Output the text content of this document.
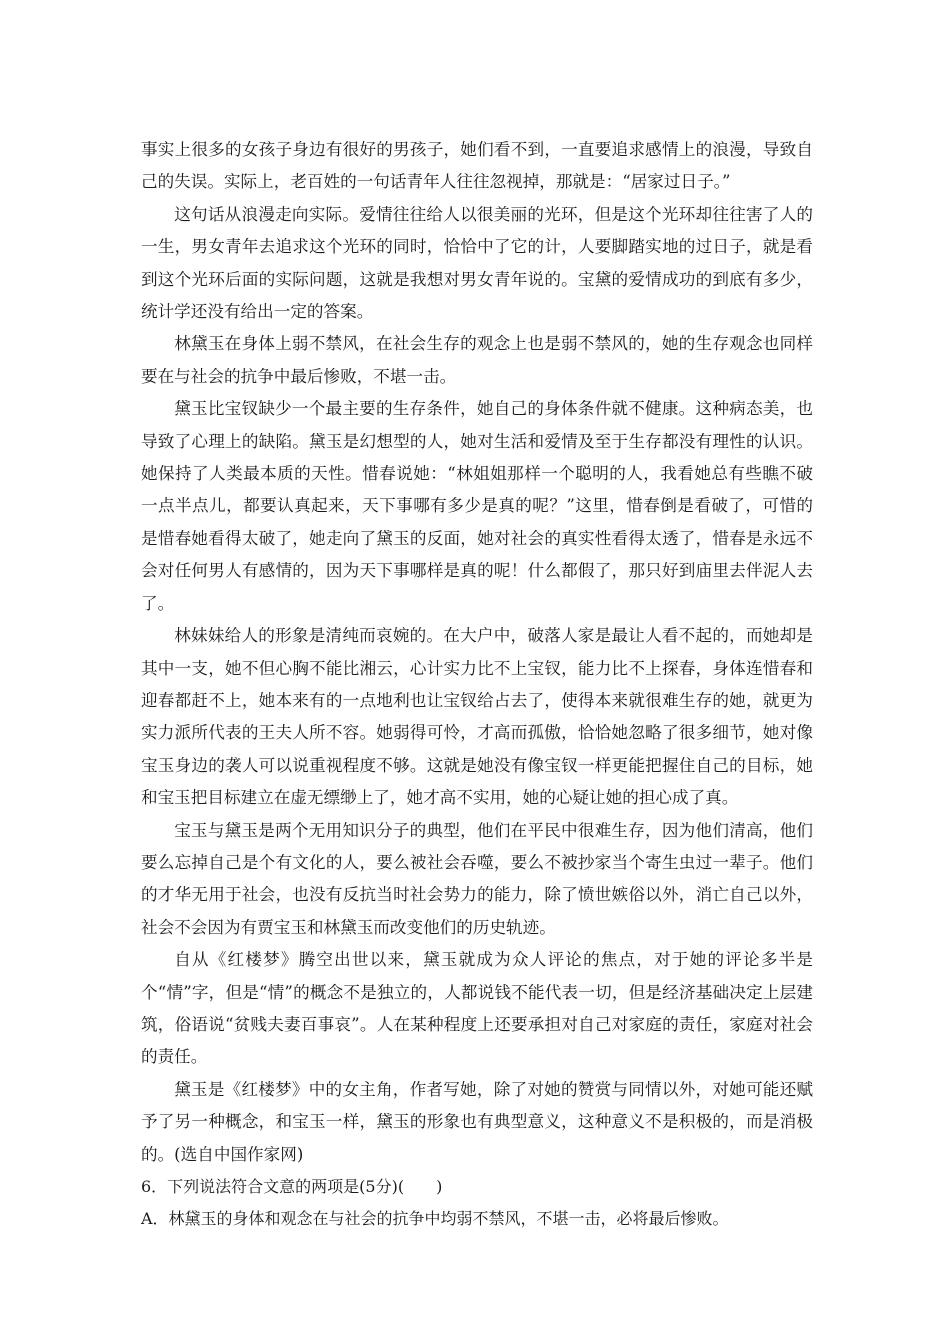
事实上很多的女孩子身边有很好的男孩子，她们看不到，一直要追求感情上的浪漫，导致自己的失误。实际上，老百姓的一句话青年人往往忽视掉，那就是：“居家过日子。”

这句话从浪漫走向实际。爱情往往给人以很美丽的光环，但是这个光环却往往害了人的一生，男女青年去追求这个光环的同时，恰恰中了它的计，人要脚踏实地的过日子，就是看到这个光环后面的实际问题，这就是我想对男女青年说的。宝黛的爱情成功的到底有多少，统计学还没有给出一定的答案。

林黛玉在身体上弱不禁风，在社会生存的观念上也是弱不禁风的，她的生存观念也同样要在与社会的抗争中最后惨败，不堪一击。

黛玉比宝钗缺少一个最主要的生存条件，她自己的身体条件就不健康。这种病态美，也导致了心理上的缺陷。黛玉是幻想型的人，她对生活和爱情及至于生存都没有理性的认识。她保持了人类最本质的天性。惜春说她：“林姐姐那样一个聪明的人，我看她总有些瞧不破一点半点儿，都要认真起来，天下事哪有多少是真的呢？”这里，惜春倒是看破了，可惜的是惜春她看得太破了，她走向了黛玉的反面，她对社会的真实性看得太透了，惜春是永远不会对任何男人有感情的，因为天下事哪样是真的呢！什么都假了，那只好到庙里去伴泥人去了。

林妹妹给人的形象是清纯而哀婉的。在大户中，破落人家是最让人看不起的，而她却是其中一支，她不但心胸不能比湘云，心计实力比不上宝钗，能力比不上探春，身体连惜春和迎春都赶不上，她本来有的一点地利也让宝钗给占去了，使得本来就很难生存的她，就更为实力派所代表的王夫人所不容。她弱得可怜，才高而孤傲，恰恰她忽略了很多细节，她对像宝玉身边的袭人可以说重视程度不够。这就是她没有像宝钗一样更能把握住自己的目标，她和宝玉把目标建立在虚无缥缈上了，她才高不实用，她的心疑让她的担心成了真。

宝玉与黛玉是两个无用知识分子的典型，他们在平民中很难生存，因为他们清高，他们要么忘掉自己是个有文化的人，要么被社会吞噬，要么不被抄家当个寄生虫过一辈子。他们的才华无用于社会，也没有反抗当时社会势力的能力，除了愤世嫉俗以外，消亡自己以外，社会不会因为有贾宝玉和林黛玉而改变他们的历史轨迹。

自从《红楼梦》腾空出世以来，黛玉就成为众人评论的焦点，对于她的评论多半是个“情”字，但是“情”的概念不是独立的，人都说钱不能代表一切，但是经济基础决定上层建筑，俗语说“贫贱夫妻百事哀”。人在某种程度上还要承担对自己对家庭的责任，家庭对社会的责任。

黛玉是《红楼梦》中的女主角，作者写她，除了对她的赞赏与同情以外，对她可能还赋予了另一种概念，和宝玉一样，黛玉的形象也有典型意义，这种意义不是积极的，而是消极的。(选自中国作家网)

6．下列说法符合文意的两项是(5分)(　　)

A．林黛玉的身体和观念在与社会的抗争中均弱不禁风，不堪一击，必将最后惨败。
